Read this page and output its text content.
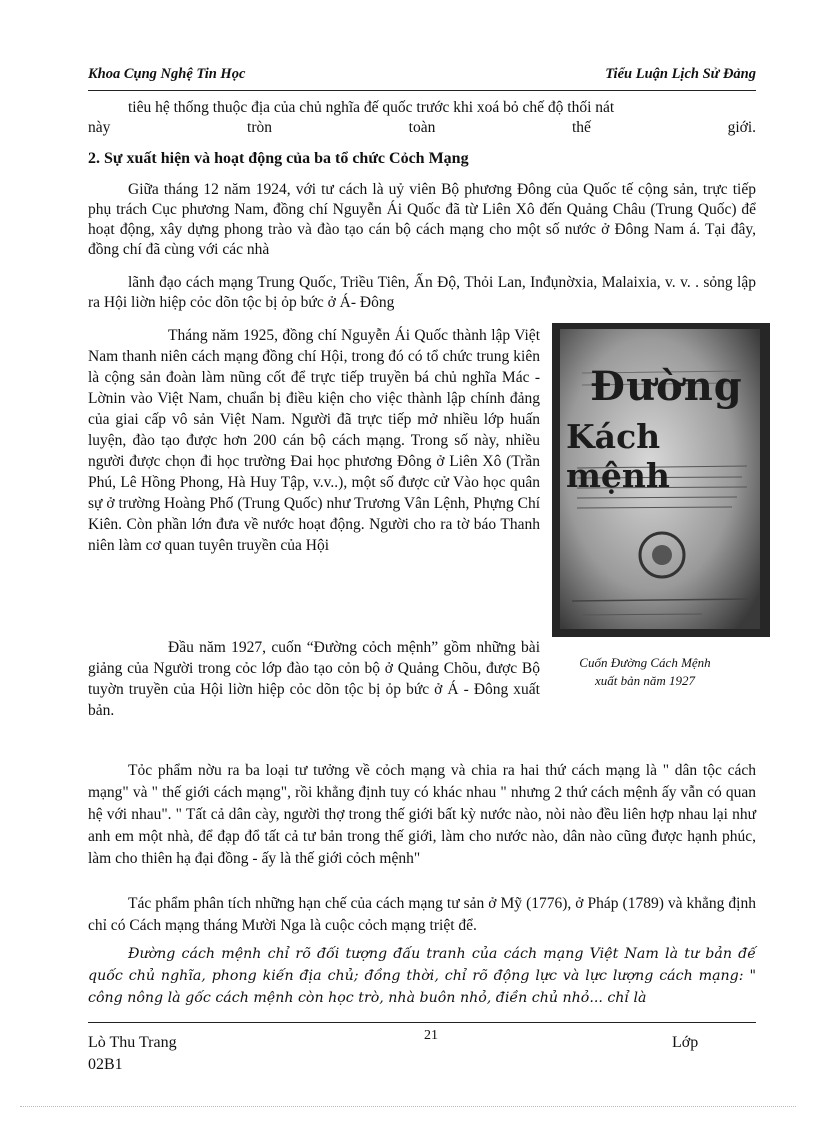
Khoa Cụng Nghệ Tin Học	Tiểu Luận Lịch Sử Đảng
tiêu hệ thống thuộc địa của chủ nghĩa đế quốc trước khi xoá bỏ chế độ thối nát
này tròn toàn thế giới.
2. Sự xuất hiện và hoạt động của ba tổ chức Cỏch Mạng
Giữa tháng 12 năm 1924, với tư cách là uỷ viên Bộ phương Đông của Quốc tế cộng sản, trực tiếp phụ trách Cục phương Nam, đồng chí Nguyễn Ái Quốc đã từ Liên Xô đến Quảng Châu (Trung Quốc) để hoạt động, xây dựng phong trào và đào tạo cán bộ cách mạng cho một số nước ở Đông Nam á. Tại đây, đồng chí đã cùng với các nhà
lãnh đạo cách mạng Trung Quốc, Triều Tiên, Ấn Độ, Thỏi Lan, Inđụnờxia, Malaixia, v. v. . sỏng lập ra Hội liờn hiệp cỏc dõn tộc bị ỏp bức ở Á- Đông
Tháng năm 1925, đồng chí Nguyễn Ái Quốc thành lập Việt Nam thanh niên cách mạng đồng chí Hội, trong đó có tổ chức trung kiên là cộng sản đoàn làm nũng cốt để trực tiếp truyền bá chủ nghĩa Mác - Lờnin vào Việt Nam, chuẩn bị điều kiện cho việc thành lập chính đảng của giai cấp vô sản Việt Nam. Người đã trực tiếp mở nhiều lớp huấn luyện, đào tạo được hơn 200 cán bộ cách mạng. Trong số này, nhiều người được chọn đi học trường Đai học phương Đông ở Liên Xô (Trần Phú, Lê Hồng Phong, Hà Huy Tập, v.v..), một số được cử Vào học quân sự ở trường Hoàng Phố (Trung Quốc) như Trương Vân Lệnh, Phựng Chí Kiên. Còn phần lớn đưa về nước hoạt động. Người cho ra tờ báo Thanh niên làm cơ quan tuyên truyền của Hội
Đường
Kách mệnh
Đầu năm 1927, cuốn “Đường cỏch mệnh” gồm những bài giảng của Người trong cỏc lớp đào tạo cỏn bộ ở Quảng Chõu, được Bộ tuyờn truyền của Hội liờn hiệp cỏc dõn tộc bị ỏp bức ở Á - Đông xuất bản.
Cuốn Đường Cách Mệnh
xuất bản năm 1927
Tỏc phẩm nờu ra ba loại tư tưởng về cỏch mạng và chia ra hai thứ cách mạng là " dân tộc cách mạng" và " thế giới cách mạng", rồi khẳng định tuy có khác nhau " nhưng 2 thứ cách mệnh ấy vẫn có quan hệ với nhau". " Tất cả dân cày, người thợ trong thế giới bất kỳ nước nào, nòi nào đều liên hợp nhau lại như anh em một nhà, để đạp đổ tất cả tư bản trong thế giới, làm cho nước nào, dân nào cũng được hạnh phúc, làm cho thiên hạ đại đồng - ấy là thế giới cỏch mệnh"
Tác phẩm phân tích những hạn chế của cách mạng tư sản ở Mỹ (1776), ở Pháp (1789) và khẳng định chỉ có Cách mạng tháng Mười Nga là cuộc cỏch mạng triệt để.
Đường cách mệnh chỉ rõ đối tượng đấu tranh của cách mạng Việt Nam là tư bản đế quốc chủ nghĩa, phong kiến địa chủ; đồng thời, chỉ rõ động lực và lực lượng cách mạng: " công nông là gốc cách mệnh còn học trò, nhà buôn nhỏ, điền chủ nhỏ... chỉ là
21
Lò Thu Trang	Lớp
02B1
